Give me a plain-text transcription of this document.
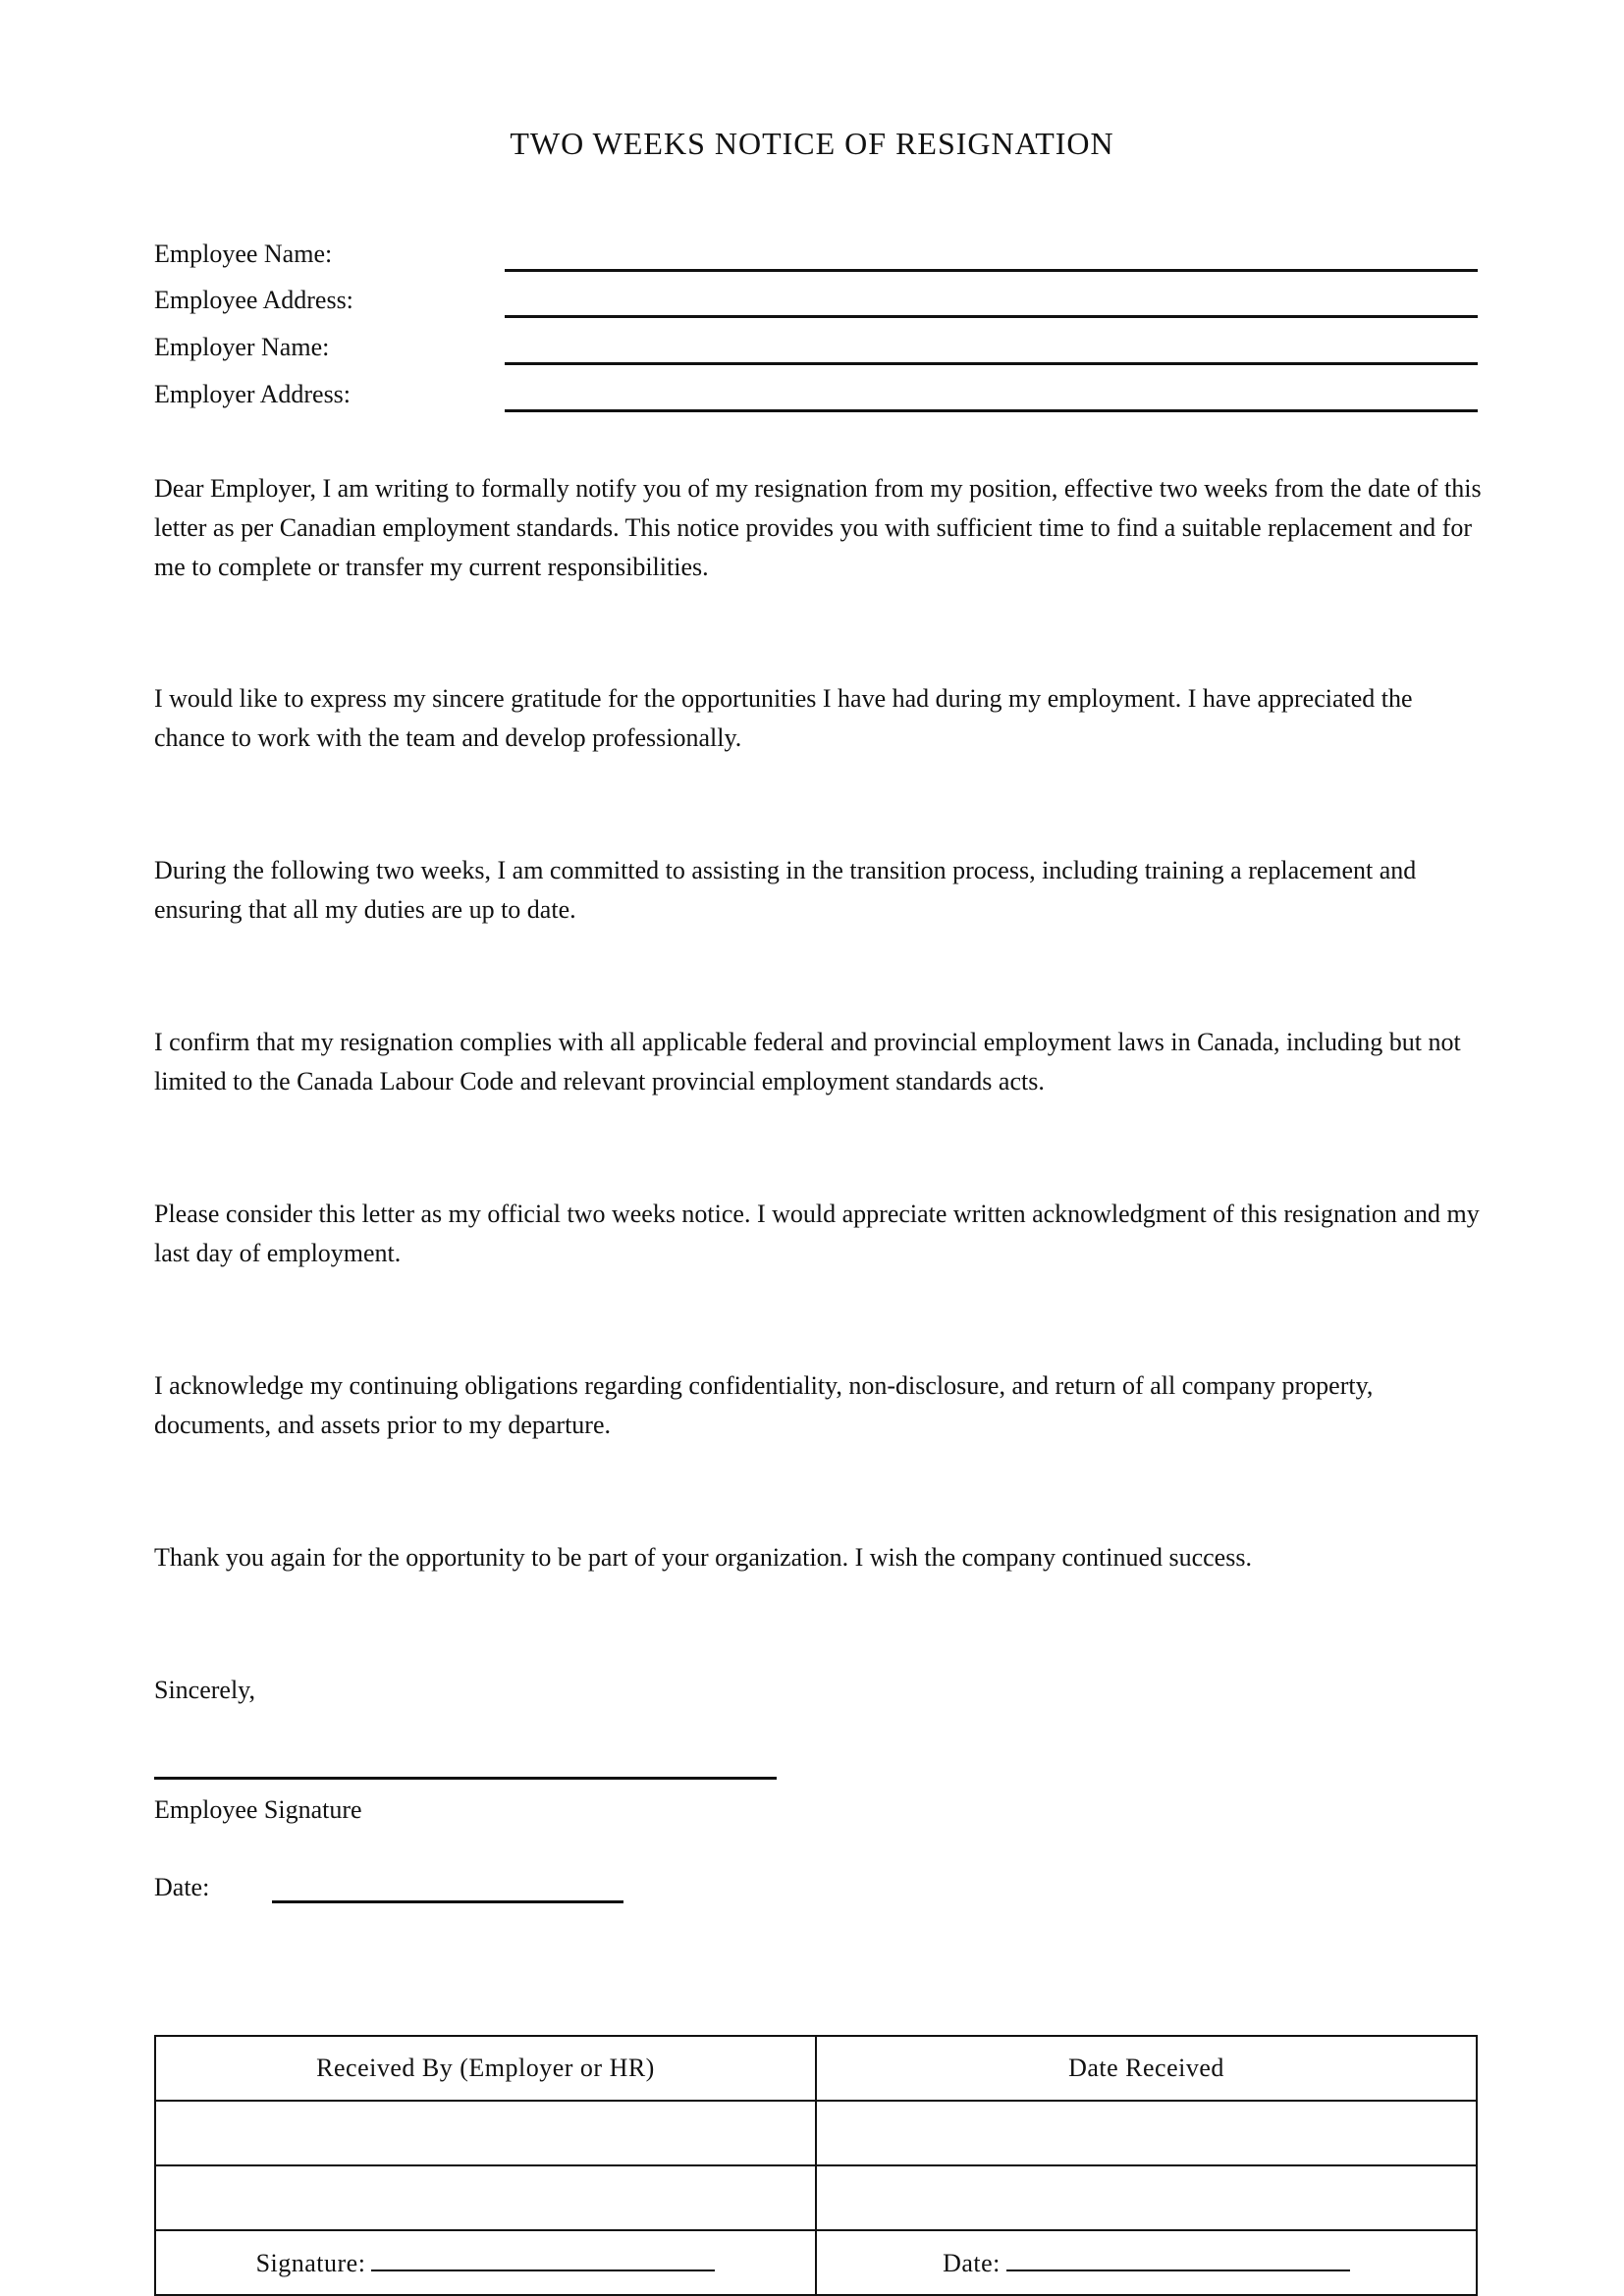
TWO WEEKS NOTICE OF RESIGNATION
Employee Name:
Employee Address:
Employer Name:
Employer Address:

Dear Employer, I am writing to formally notify you of my resignation from my position, effective two weeks from the date of this letter as per Canadian employment standards. This notice provides you with sufficient time to find a suitable replacement and for me to complete or transfer my current responsibilities.

I would like to express my sincere gratitude for the opportunities I have had during my employment. I have appreciated the chance to work with the team and develop professionally.

During the following two weeks, I am committed to assisting in the transition process, including training a replacement and ensuring that all my duties are up to date.

I confirm that my resignation complies with all applicable federal and provincial employment laws in Canada, including but not limited to the Canada Labour Code and relevant provincial employment standards acts.

Please consider this letter as my official two weeks notice. I would appreciate written acknowledgment of this resignation and my last day of employment.

I acknowledge my continuing obligations regarding confidentiality, non-disclosure, and return of all company property, documents, and assets prior to my departure.

Thank you again for the opportunity to be part of your organization. I wish the company continued success.

Sincerely,

Employee Signature
Date:
Received By (Employer or HR)	Date Received

Signature:	Date:
